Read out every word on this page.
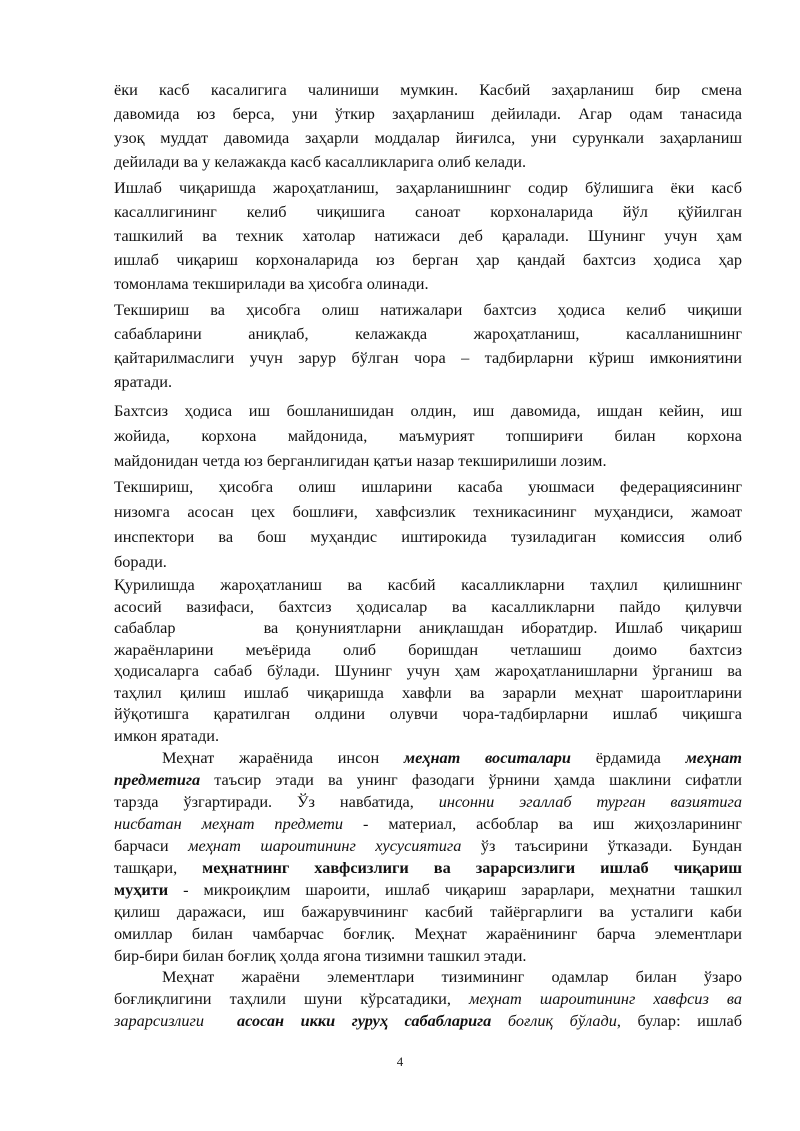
ёки касб касалигига чалиниши мумкин. Касбий заҳарланиш бир смена
давомида юз берса, уни ўткир заҳарланиш дейилади. Агар одам танасида
узоқ муддат давомида заҳарли моддалар йиғилса, уни сурункали заҳарланиш
дейилади ва у келажакда касб касалликларига олиб келади.
Ишлаб чиқаришда жароҳатланиш, заҳарланишнинг содир бўлишига ёки касб
касаллигининг келиб чиқишига саноат корхоналарида йўл қўйилган
ташкилий ва техник хатолар натижаси деб қаралади. Шунинг учун ҳам
ишлаб чиқариш корхоналарида юз берган ҳар қандай бахтсиз ҳодиса ҳар
томонлама текширилади ва ҳисобга олинади.
Текшириш ва ҳисобга олиш натижалари бахтсиз ҳодиса келиб чиқиши
сабабларини аниқлаб, келажакда жароҳатланиш, касалланишнинг
қайтарилмаслиги учун зарур бўлган чора – тадбирларни кўриш имкониятини
яратади.
Бахтсиз ҳодиса иш бошланишидан олдин, иш давомида, ишдан кейин, иш
жойида, корхона майдонида, маъмурият топшириғи билан корхона
майдонидан четда юз берганлигидан қатъи назар текширилиши лозим.
Текшириш, ҳисобга олиш ишларини касаба уюшмаси федерациясининг
низомга асосан цех бошлиғи, хавфсизлик техникасининг муҳандиси, жамоат
инспектори ва бош муҳандис иштирокида тузиладиган комиссия олиб
боради.
Қурилишда жароҳатланиш ва касбий касалликларни таҳлил қилишнинг
асосий вазифаси, бахтсиз ҳодисалар ва касалликларни пайдо қилувчи
сабаблар     ва қонуниятларни аниқлашдан иборатдир. Ишлаб чиқариш
жараёнларини меъёрида олиб боришдан четлашиш доимо бахтсиз
ҳодисаларга сабаб бўлади. Шунинг учун ҳам жароҳатланишларни ўрганиш ва
таҳлил қилиш ишлаб чиқаришда хавфли ва зарарли меҳнат шароитларини
йўқотишга қаратилган олдини олувчи чора-тадбирларни ишлаб чиқишга
имкон яратади.
Меҳнат жараёнида инсон меҳнат воситалари ёрдамида меҳнат
предметига таъсир этади ва унинг фазодаги ўрнини ҳамда шаклини сифатли
тарзда ўзгартиради. Ўз навбатида, инсонни эгаллаб турган вазиятига
нисбатан меҳнат предмети - материал, асбоблар ва иш жиҳозларининг
барчаси меҳнат шароитининг хусусиятига ўз таъсирини ўтказади. Бундан
ташқари, меҳнатнинг хавфсизлиги ва зарарсизлиги ишлаб чиқариш
муҳити - микроиқлим шароити, ишлаб чиқариш зарарлари, меҳнатни ташкил
қилиш даражаси, иш бажарувчининг касбий тайёргарлиги ва усталиги каби
омиллар билан чамбарчас боғлиқ. Меҳнат жараёнининг барча элементлари
бир-бири билан боғлиқ ҳолда ягона тизимни ташкил этади.
Меҳнат жараёни элементлари тизимининг одамлар билан ўзаро
боғлиқлигини таҳлили шуни кўрсатадики, меҳнат шароитининг хавфсиз ва
зарарсизлиги  асосан икки гуруҳ сабабларига боғлиқ бўлади, булар: ишлаб
4
